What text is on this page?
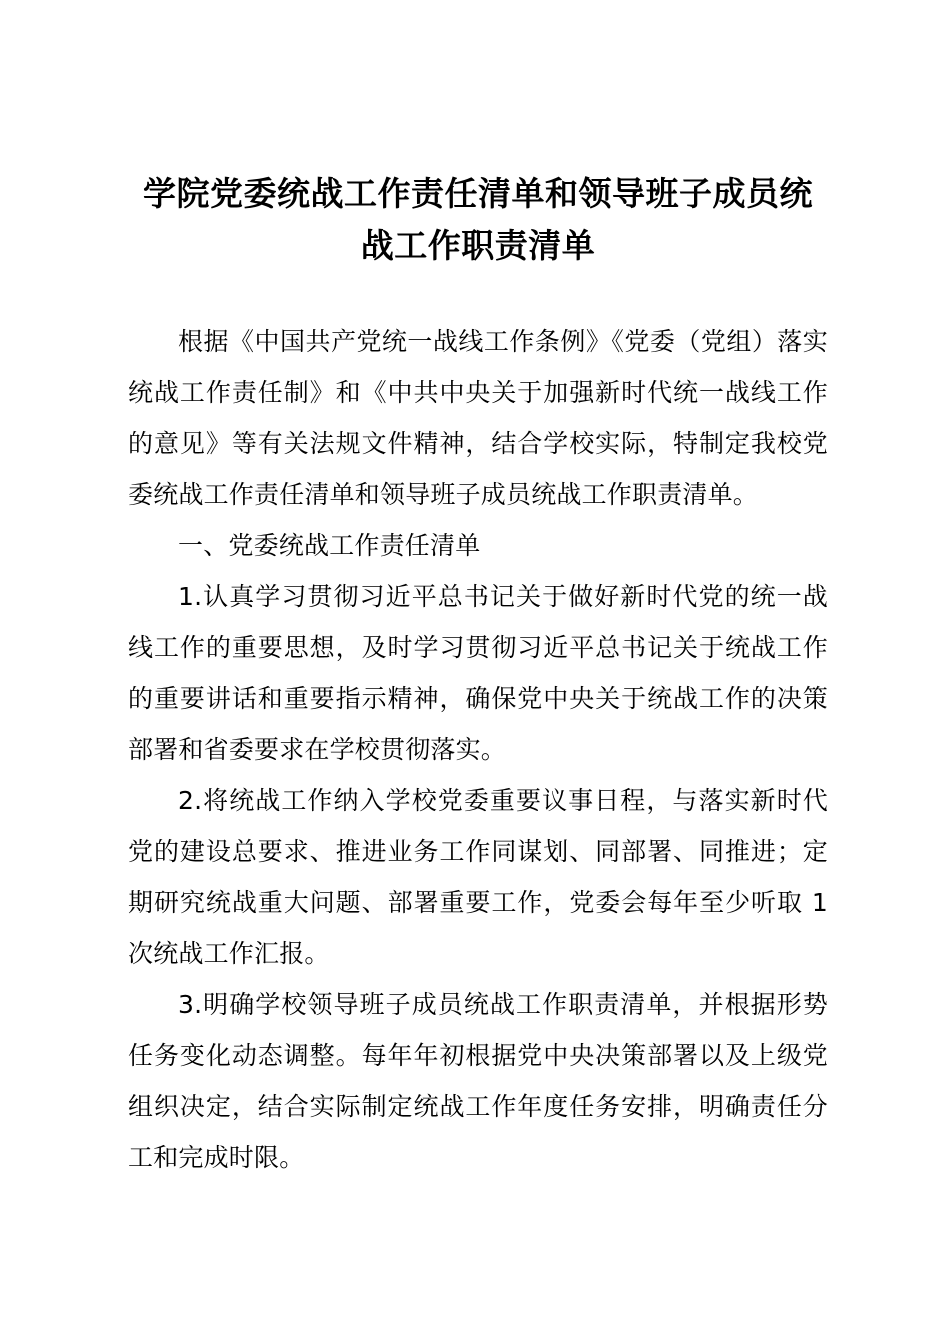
学院党委统战工作责任清单和领导班子成员统战工作职责清单

根据《中国共产党统一战线工作条例》《党委（党组）落实统战工作责任制》和《中共中央关于加强新时代统一战线工作的意见》等有关法规文件精神，结合学校实际，特制定我校党委统战工作责任清单和领导班子成员统战工作职责清单。

一、党委统战工作责任清单

1.认真学习贯彻习近平总书记关于做好新时代党的统一战线工作的重要思想，及时学习贯彻习近平总书记关于统战工作的重要讲话和重要指示精神，确保党中央关于统战工作的决策部署和省委要求在学校贯彻落实。

2.将统战工作纳入学校党委重要议事日程，与落实新时代党的建设总要求、推进业务工作同谋划、同部署、同推进；定期研究统战重大问题、部署重要工作，党委会每年至少听取 1 次统战工作汇报。

3.明确学校领导班子成员统战工作职责清单，并根据形势任务变化动态调整。每年年初根据党中央决策部署以及上级党组织决定，结合实际制定统战工作年度任务安排，明确责任分工和完成时限。
